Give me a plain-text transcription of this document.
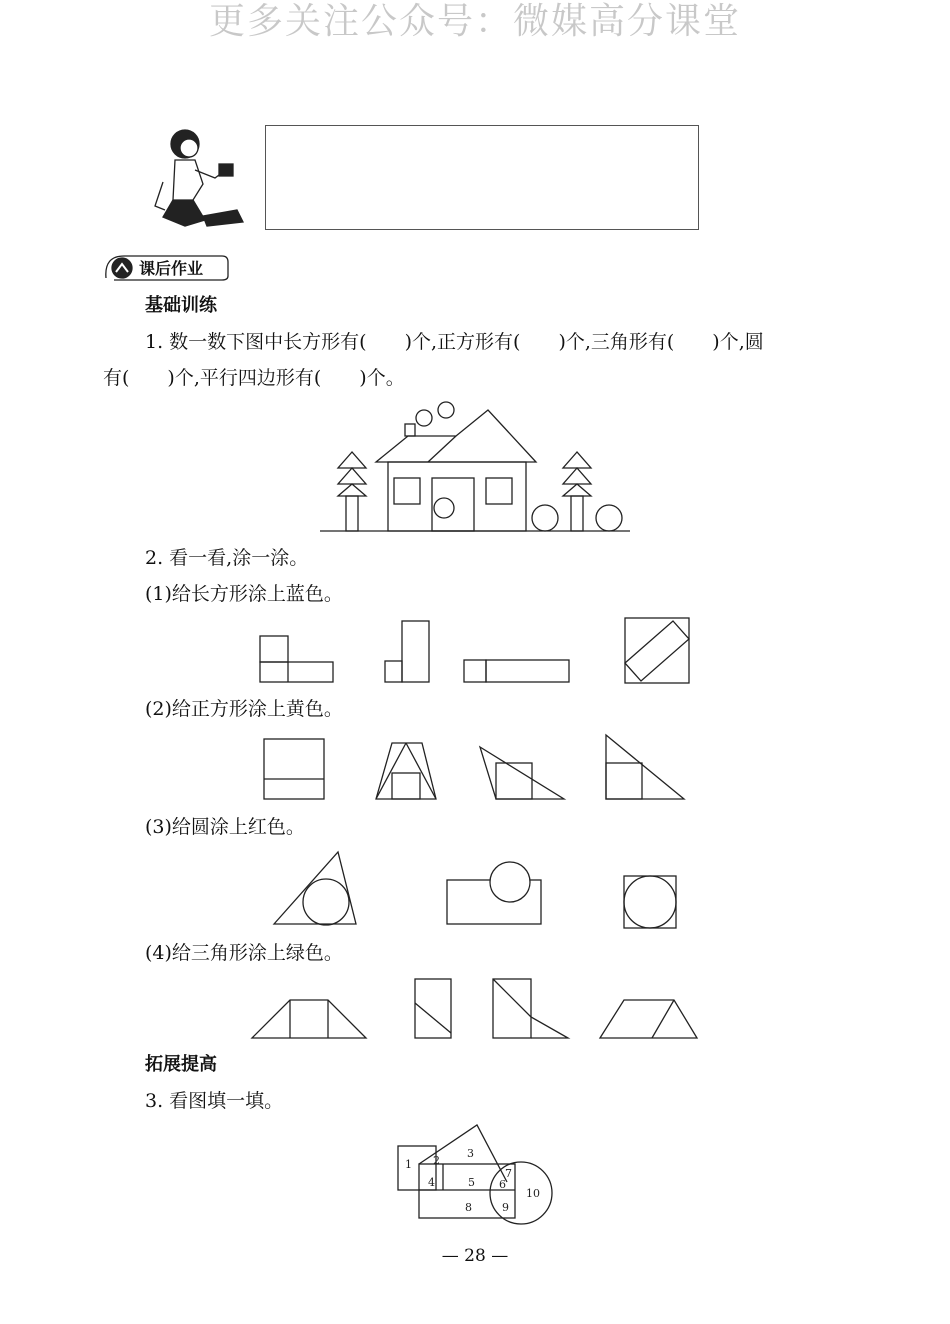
更多关注公众号：微媒高分课堂
课后作业
基础训练
1. 数一数下图中长方形有(　　)个,正方形有(　　)个,三角形有(　　)个,圆
有(　　)个,平行四边形有(　　)个。
2. 看一看,涂一涂。
(1)给长方形涂上蓝色。
(2)给正方形涂上黄色。
(3)给圆涂上红色。
(4)给三角形涂上绿色。
拓展提高
3. 看图填一填。
1 2
3
4	5 6
7
8	9
10
— 28 —
